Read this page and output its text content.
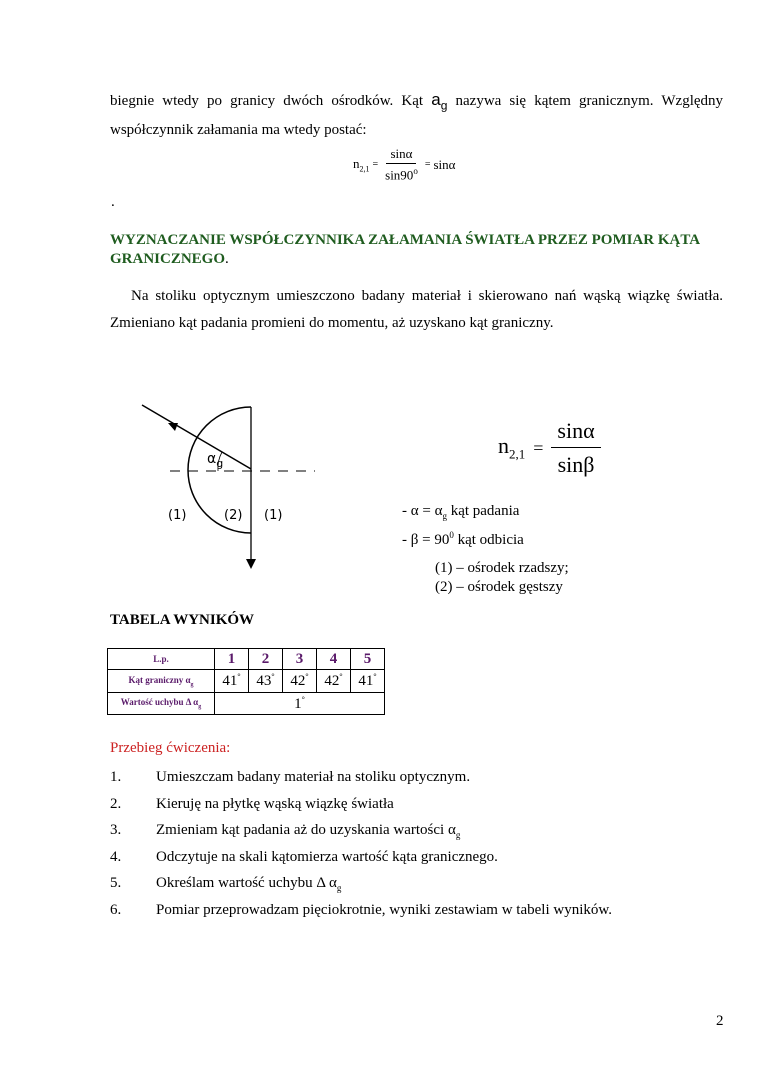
biegnie wtedy po granicy dwóch ośrodków. Kąt $a_g$ nazywa się kątem granicznym. Względny
współczynnik załamania ma wtedy postać:
$n_{2,1} = \frac{\sin\alpha}{\sin 90^o} = \sin\alpha$
.
WYZNACZANIE WSPÓŁCZYNNIKA ZAŁAMANIA ŚWIATŁA PRZEZ POMIAR KĄTA
GRANICZNEGO.
Na stoliku optycznym umieszczono badany materiał i skierowano nań wąską wiązkę światła.
Zmieniano kąt padania promieni do momentu, aż uzyskano kąt graniczny.
$\alpha_g$
(1)	(2) (1)
$n_{2,1} = \frac{\sin\alpha}{\sin\beta}$
- $\alpha = \alpha_g$ kąt padania
- $\beta = 90^0$ kąt odbicia
(1) – ośrodek rzadszy;
(2) – ośrodek gęstszy
TABELA WYNIKÓW
L.p.	1	2	3	4	5
Kąt graniczny $\alpha_g$	41°	43°	42°	42°	41°
Wartość uchybu Δ $\alpha_g$	1°
Przebieg ćwiczenia:
1. Umieszczam badany materiał na stoliku optycznym.
2. Kieruję na płytkę wąską wiązkę światła
3. Zmieniam kąt padania aż do uzyskania wartości $\alpha_g$
4. Odczytuje na skali kątomierza wartość kąta granicznego.
5. Określam wartość uchybu Δ $\alpha_g$
6. Pomiar przeprowadzam pięciokrotnie, wyniki zestawiam w tabeli wyników.
2
